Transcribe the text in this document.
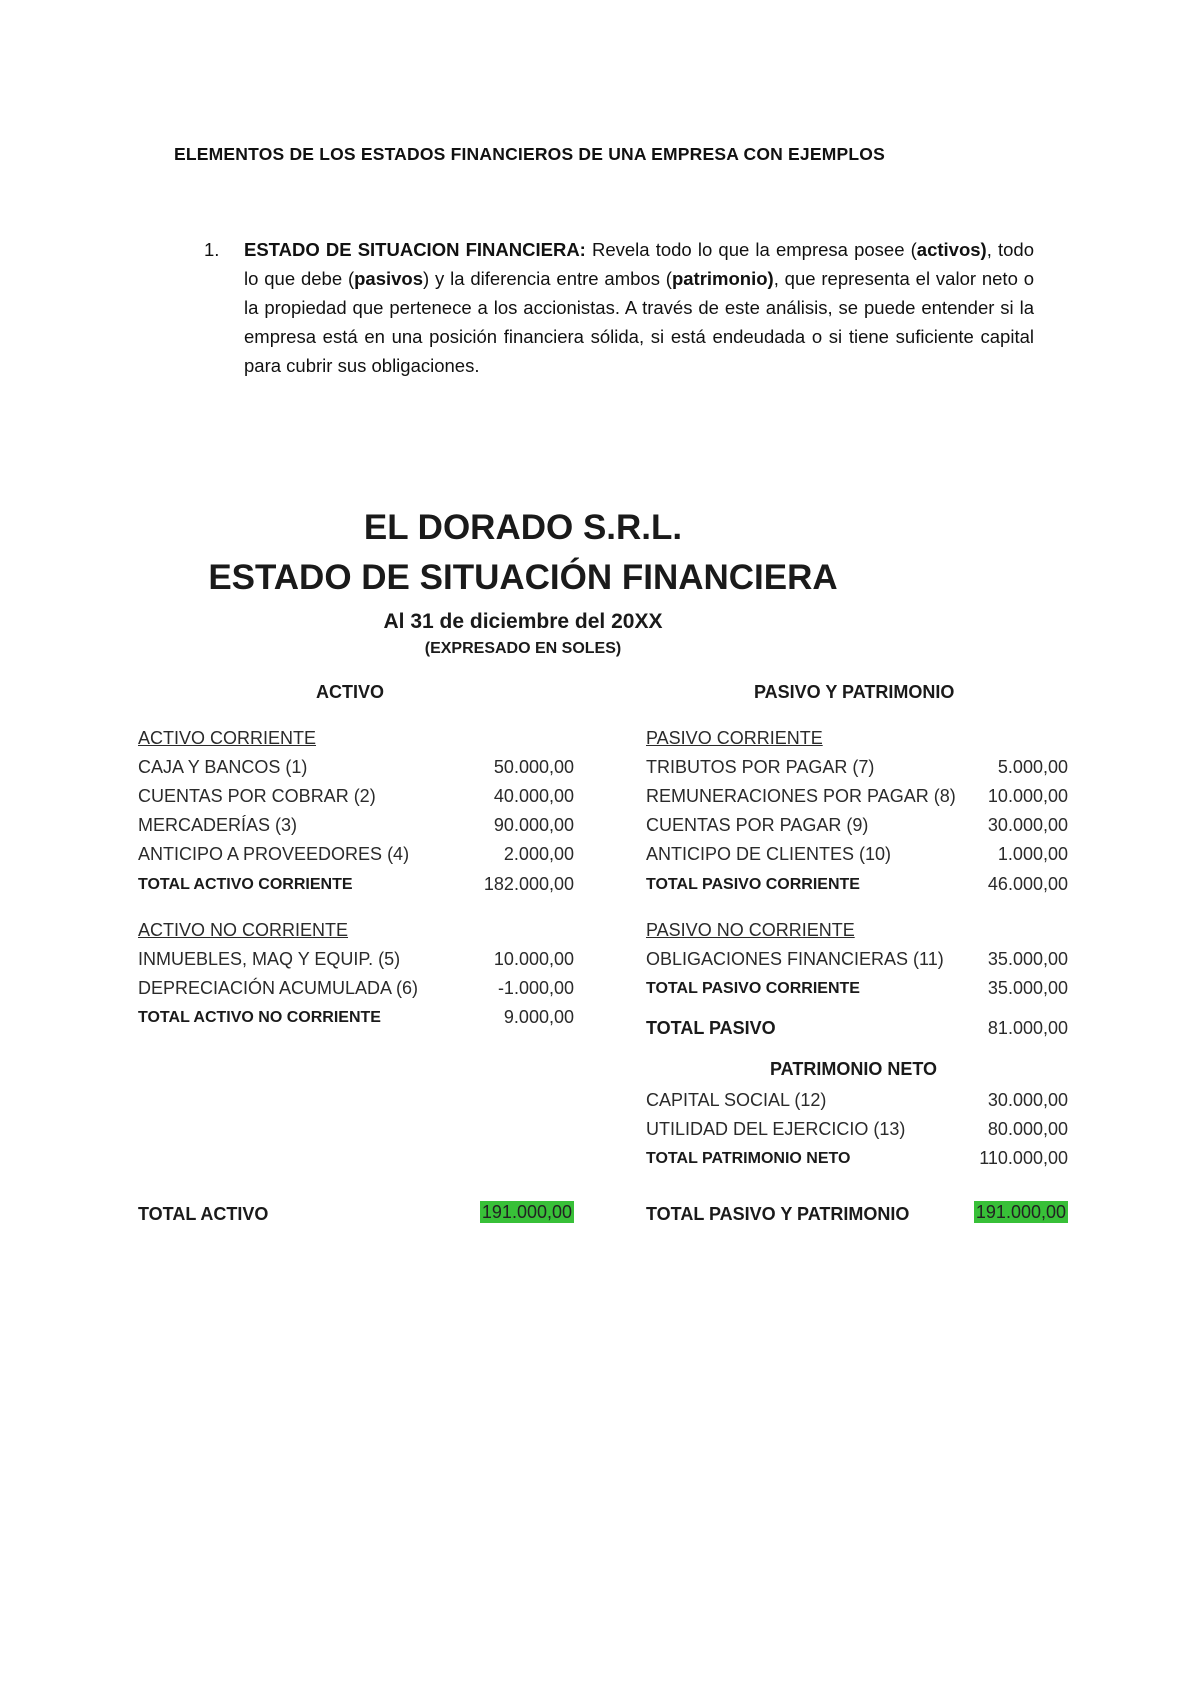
ELEMENTOS DE LOS ESTADOS FINANCIEROS DE UNA EMPRESA CON EJEMPLOS
1. ESTADO DE SITUACION FINANCIERA: Revela todo lo que la empresa posee (activos), todo lo que debe (pasivos) y la diferencia entre ambos (patrimonio), que representa el valor neto o la propiedad que pertenece a los accionistas. A través de este análisis, se puede entender si la empresa está en una posición financiera sólida, si está endeudada o si tiene suficiente capital para cubrir sus obligaciones.
EL DORADO S.R.L.
ESTADO DE SITUACIÓN FINANCIERA
Al 31 de diciembre del 20XX
(EXPRESADO EN SOLES)
ACTIVO	PASIVO Y PATRIMONIO
ACTIVO CORRIENTE
CAJA Y BANCOS (1)	50.000,00
CUENTAS POR COBRAR (2)	40.000,00
MERCADERÍAS (3)	90.000,00
ANTICIPO A PROVEEDORES (4)	2.000,00
TOTAL ACTIVO CORRIENTE	182.000,00
ACTIVO NO CORRIENTE
INMUEBLES, MAQ Y EQUIP. (5)	10.000,00
DEPRECIACIÓN ACUMULADA (6)	-1.000,00
TOTAL ACTIVO NO CORRIENTE	9.000,00
TOTAL ACTIVO	191.000,00
PASIVO CORRIENTE
TRIBUTOS POR PAGAR (7)	5.000,00
REMUNERACIONES POR PAGAR (8) 10.000,00
CUENTAS POR PAGAR (9)	30.000,00
ANTICIPO DE CLIENTES (10)	1.000,00
TOTAL PASIVO CORRIENTE	46.000,00
PASIVO NO CORRIENTE
OBLIGACIONES FINANCIERAS (11) 35.000,00
TOTAL PASIVO CORRIENTE	35.000,00
TOTAL PASIVO	81.000,00
PATRIMONIO NETO
CAPITAL SOCIAL (12)	30.000,00
UTILIDAD DEL EJERCICIO (13)	80.000,00
TOTAL PATRIMONIO NETO	110.000,00
TOTAL PASIVO Y PATRIMONIO	191.000,00
